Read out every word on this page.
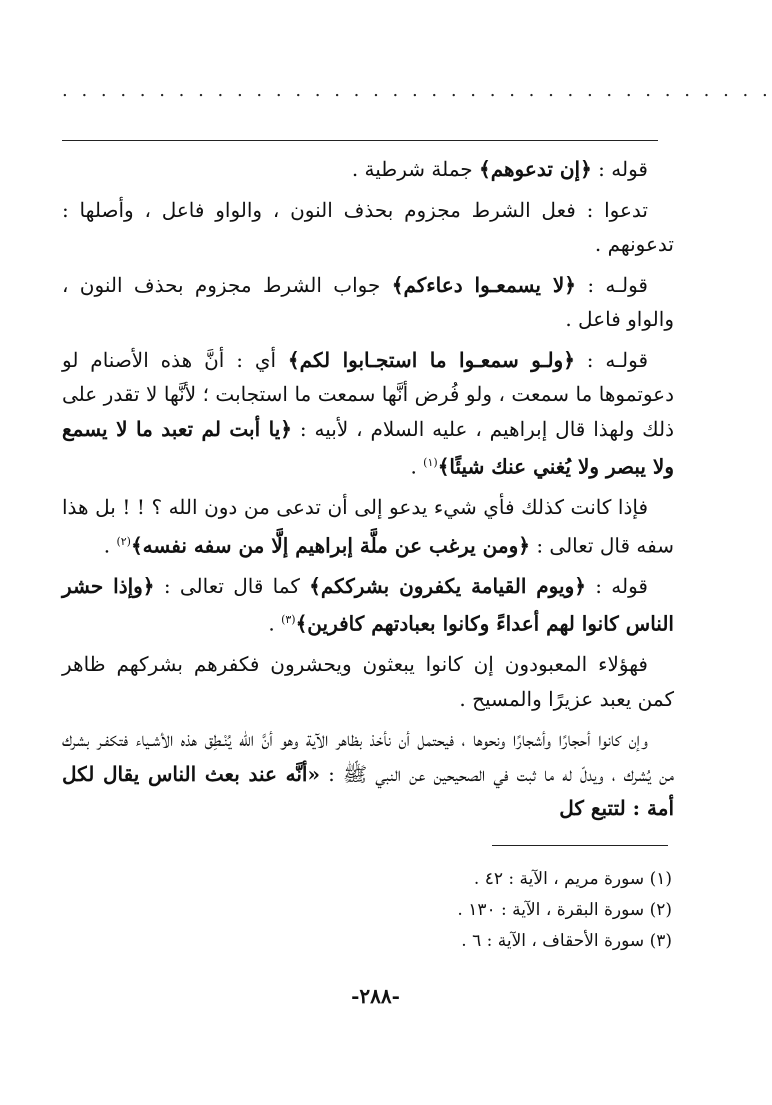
. . . . . . . . . . . . . . . . . . . . . . . . . . . . . . . . . . . . .

قوله : ﴿إن تدعوهم﴾ جملة شرطية .

تدعوا : فعل الشرط مجزوم بحذف النون ، والواو فاعل ، وأصلها : تدعونهم .

قولـه : ﴿لا يسمعـوا دعاءكم﴾ جواب الشرط مجزوم بحذف النون ، والواو فاعل .

قولـه : ﴿ولـو سمعـوا ما استجـابوا لكم﴾ أي : أنَّ هذه الأصنام لو دعوتموها ما سمعت ، ولو فُرض أنَّها سمعت ما استجابت ؛ لأنَّها لا تقدر على ذلك ولهذا قال إبراهيم ، عليه السلام ، لأبيه : ﴿يا أبت لم تعبد ما لا يسمع ولا يبصر ولا يُغني عنك شيئًا﴾$^{(١)}$ .

فإذا كانت كذلك فأي شيء يدعو إلى أن تدعى من دون الله ؟ ! ! بل هذا سفه قال تعالى : ﴿ومن يرغب عن ملَّة إبراهيم إلَّا من سفه نفسه﴾$^{(٢)}$ .

قوله : ﴿ويوم القيامة يكفرون بشرككم﴾ كما قال تعالى : ﴿وإذا حشر الناس كانوا لهم أعداءً وكانوا بعبادتهم كافرين﴾$^{(٣)}$ .

فهؤلاء المعبودون إن كانوا يبعثون ويحشرون فكفرهم بشركهم ظاهر كمن يعبد عزيرًا والمسيح .

وإن كانوا أحجارًا وأشجارًا ونحوها ، فيحتمل أن نأخذ بظاهر الآية وهو أنَّ الله يُنْـطِق هذه الأشـياء فتكفـر بشرك من يُشرك ، ويدلّ له ما ثبت في الصحيحين عن النبي ﷺ : «أنَّه عند بعث الناس يقال لكل أمة : لتتبع كل

(١) سورة مريم ، الآية : ٤٢ .
(٢) سورة البقرة ، الآية : ١٣٠ .
(٣) سورة الأحقاف ، الآية : ٦ .
-٢٨٨-
